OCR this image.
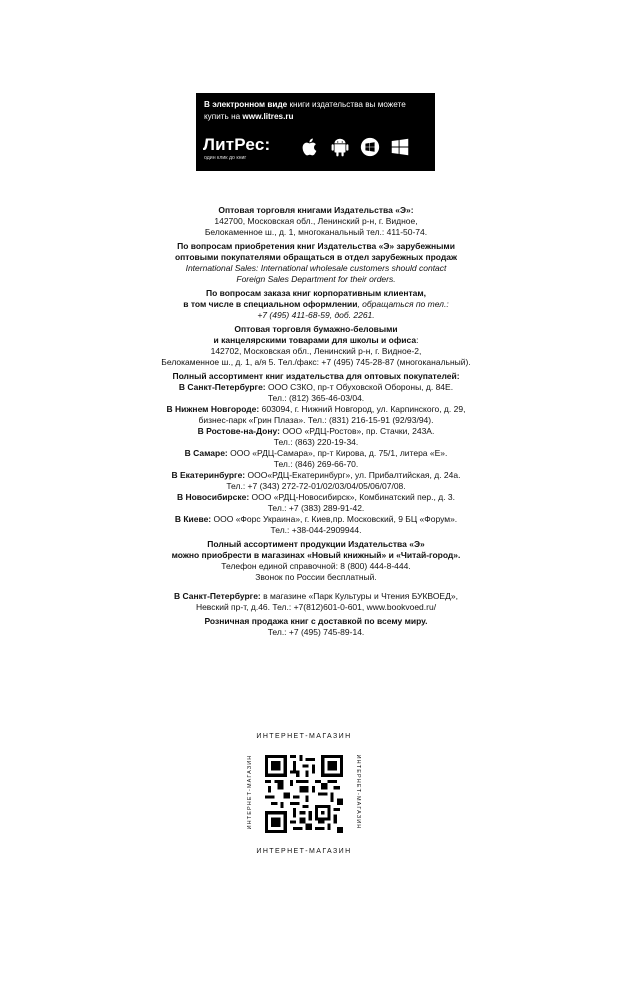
В электронном виде книги издательства вы можете
купить на www.litres.ru
ЛитРес:
один клик до книг

Оптовая торговля книгами Издательства «Э»:

142700, Московская обл., Ленинский р-н, г. Видное,

Белокаменное ш., д. 1, многоканальный тел.: 411-50-74.

По вопросам приобретения книг Издательства «Э» зарубежными

оптовыми покупателями обращаться в отдел зарубежных продаж

International Sales: International wholesale customers should contact

Foreign Sales Department for their orders.

По вопросам заказа книг корпоративным клиентам,

в том числе в специальном оформлении, обращаться по тел.:

+7 (495) 411-68-59, доб. 2261.

Оптовая торговля бумажно-беловыми

и канцелярскими товарами для школы и офиса:

142702, Московская обл., Ленинский р-н, г. Видное-2,

Белокаменное ш., д. 1, а/я 5. Тел./факс: +7 (495) 745-28-87 (многоканальный).

Полный ассортимент книг издательства для оптовых покупателей:

В Санкт-Петербурге: ООО СЗКО, пр-т Обуховской Обороны, д. 84Е.

Тел.: (812) 365-46-03/04.

В Нижнем Новгороде: 603094, г. Нижний Новгород, ул. Карпинского, д. 29,

бизнес-парк «Грин Плаза». Тел.: (831) 216-15-91 (92/93/94).

В Ростове-на-Дону: ООО «РДЦ-Ростов», пр. Стачки, 243А.

Тел.: (863) 220-19-34.

В Самаре: ООО «РДЦ-Самара», пр-т Кирова, д. 75/1, литера «Е».

Тел.: (846) 269-66-70.

В Екатеринбурге: ООО«РДЦ-Екатеринбург», ул. Прибалтийская, д. 24а.

Тел.: +7 (343) 272-72-01/02/03/04/05/06/07/08.

В Новосибирске: ООО «РДЦ-Новосибирск», Комбинатский пер., д. 3.

Тел.: +7 (383) 289-91-42.

В Киеве: ООО «Форс Украина», г. Киев,пр. Московский, 9 БЦ «Форум».

Тел.: +38-044-2909944.

Полный ассортимент продукции Издательства «Э»

можно приобрести в магазинах «Новый книжный» и «Читай-город».

Телефон единой справочной: 8 (800) 444-8-444.

Звонок по России бесплатный.

В Санкт-Петербурге: в магазине «Парк Культуры и Чтения БУКВОЕД»,

Невский пр-т, д.46. Тел.: +7(812)601-0-601, www.bookvoed.ru/

Розничная продажа книг с доставкой по всему миру.

Тел.: +7 (495) 745-89-14.

ИНТЕРНЕТ-МАГАЗИН
ИНТЕРНЕТ-МАГАЗИН	ИНТЕРНЕТ-МАГАЗИН
ИНТЕРНЕТ-МАГАЗИН
